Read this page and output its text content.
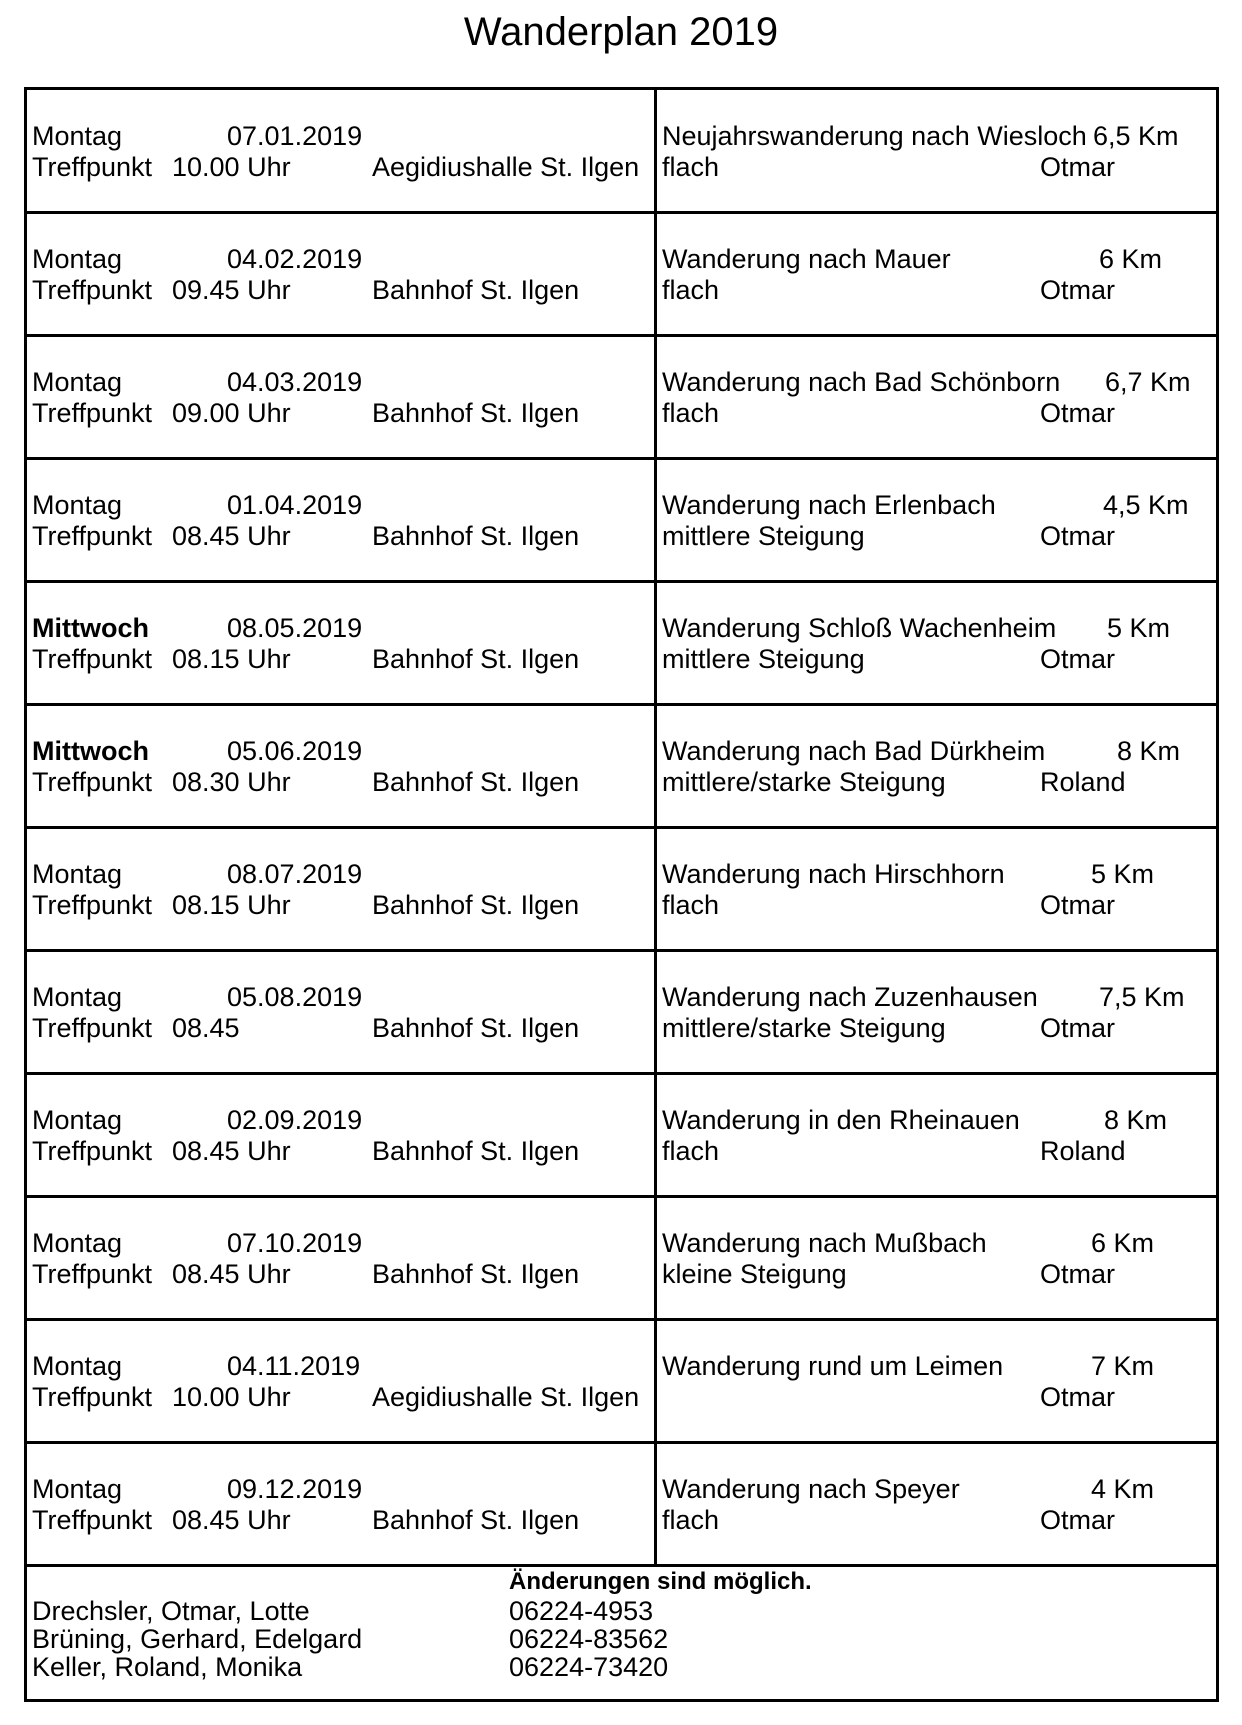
Wanderplan 2019
Montag	07.01.2019
Treffpunkt 10.00 Uhr	Aegidiushalle St. Ilgen
Neujahrswanderung nach Wiesloch 6,5 Km
flach	Otmar
Montag	04.02.2019
Treffpunkt 09.45 Uhr	Bahnhof St. Ilgen
Wanderung nach Mauer	6 Km
flach	Otmar
Montag	04.03.2019
Treffpunkt 09.00 Uhr	Bahnhof St. Ilgen
Wanderung nach Bad Schönborn 6,7 Km
flach	Otmar
Montag	01.04.2019
Treffpunkt 08.45 Uhr	Bahnhof St. Ilgen
Wanderung nach Erlenbach	4,5 Km
mittlere Steigung	Otmar
Mittwoch	08.05.2019
Treffpunkt 08.15 Uhr	Bahnhof St. Ilgen
Wanderung Schloß Wachenheim 5 Km
mittlere Steigung	Otmar
Mittwoch	05.06.2019
Treffpunkt 08.30 Uhr	Bahnhof St. Ilgen
Wanderung nach Bad Dürkheim	8 Km
mittlere/starke Steigung	Roland
Montag	08.07.2019
Treffpunkt 08.15 Uhr	Bahnhof St. Ilgen
Wanderung nach Hirschhorn	5 Km
flach	Otmar
Montag	05.08.2019
Treffpunkt 08.45	Bahnhof St. Ilgen
Wanderung nach Zuzenhausen 7,5 Km
mittlere/starke Steigung	Otmar
Montag	02.09.2019
Treffpunkt 08.45 Uhr	Bahnhof St. Ilgen
Wanderung in den Rheinauen	8 Km
flach	Roland
Montag	07.10.2019
Treffpunkt 08.45 Uhr	Bahnhof St. Ilgen
Wanderung nach Mußbach	6 Km
kleine Steigung	Otmar
Montag	04.11.2019
Treffpunkt 10.00 Uhr	Aegidiushalle St. Ilgen
Wanderung rund um Leimen	7 Km
Otmar
Montag	09.12.2019
Treffpunkt 08.45 Uhr	Bahnhof St. Ilgen
Wanderung nach Speyer	4 Km
flach	Otmar
Änderungen sind möglich.
Drechsler, Otmar, Lotte	06224-4953
Brüning, Gerhard, Edelgard	06224-83562
Keller, Roland, Monika	06224-73420
